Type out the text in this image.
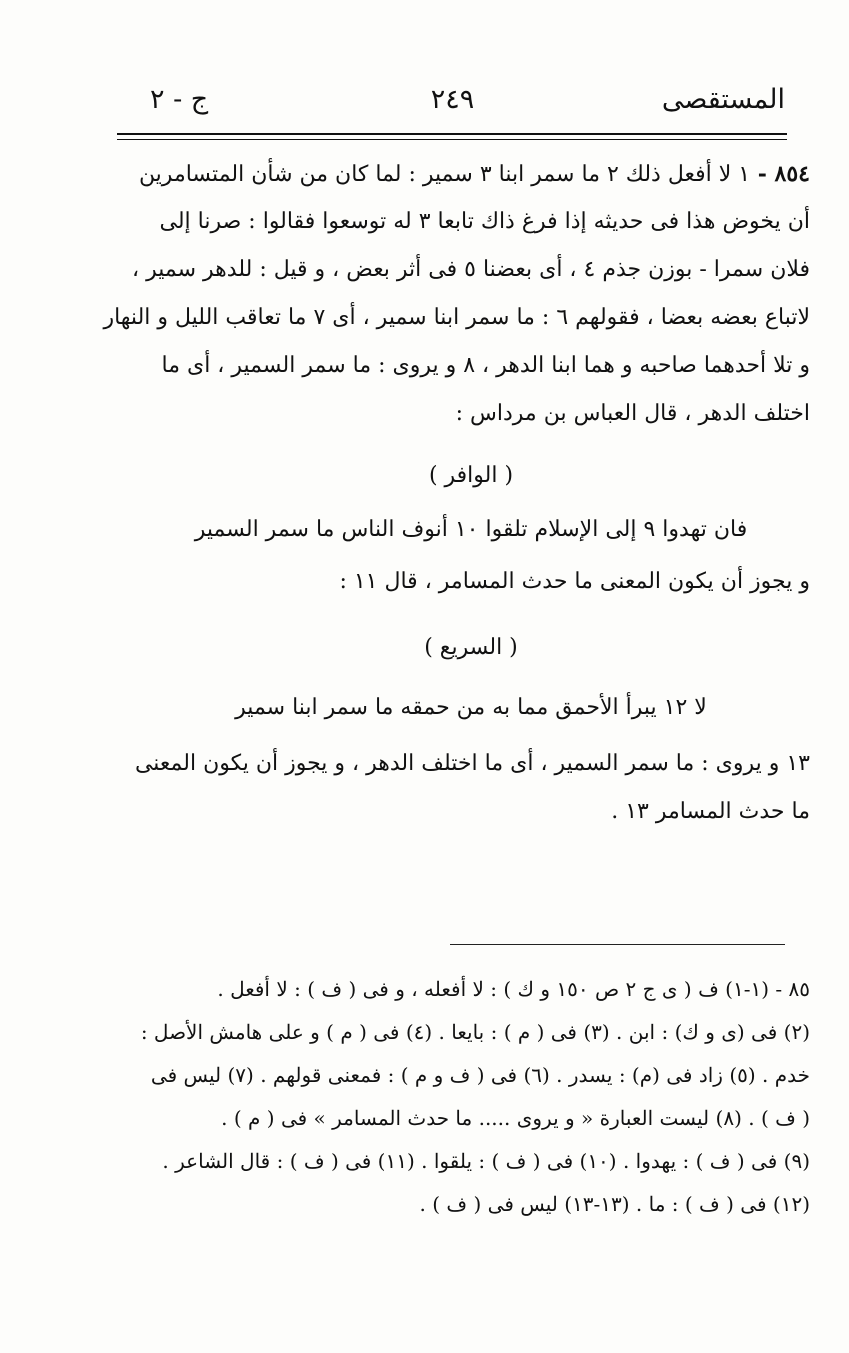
المستقصى
٢٤٩
ج - ٢
٨٥٤ - ١ لا أفعل ذلك ٢ ما سمر ابنا ٣ سمير : لما كان من شأن المتسامرين
أن يخوض هذا فى حديثه إذا فرغ ذاك تابعا ٣ له توسعوا فقالوا : صرنا إلى
فلان سمرا - بوزن جذم ٤ ، أى بعضنا ٥ فى أثر بعض ، و قيل : للدهر سمير ،
لاتباع بعضه بعضا ، فقولهم ٦ : ما سمر ابنا سمير ، أى ٧ ما تعاقب الليل و النهار
و تلا أحدهما صاحبه و هما ابنا الدهر ، ٨ و يروى : ما سمر السمير ، أى ما
اختلف الدهر ، قال العباس بن مرداس :
( الوافر )
فان تهدوا ٩ إلى الإسلام تلقوا ١٠ أنوف الناس ما سمر السمير
و يجوز أن يكون المعنى ما حدث المسامر ، قال ١١ :
( السريع )
لا ١٢ يبرأ الأحمق مما به من حمقه ما سمر ابنا سمير
١٣ و يروى : ما سمر السمير ، أى ما اختلف الدهر ، و يجوز أن يكون المعنى
ما حدث المسامر ١٣ .
٨٥ - (١-١) ف ( ى ج ٢ ص ١٥٠ و ك ) : لا أفعله ، و فى ( ف ) : لا أفعل .
(٢) فى (ى و ك) : ابن . (٣) فى ( م ) : بايعا . (٤) فى ( م ) و على هامش الأصل :
خدم . (٥) زاد فى (م) : يسدر . (٦) فى ( ف و م ) : فمعنى قولهم . (٧) ليس فى
( ف ) . (٨) ليست العبارة « و يروى ..... ما حدث المسامر » فى ( م ) .
(٩) فى ( ف ) : يهدوا . (١٠) فى ( ف ) : يلقوا . (١١) فى ( ف ) : قال الشاعر .
(١٢) فى ( ف ) : ما . (١٣-١٣) ليس فى ( ف ) .
